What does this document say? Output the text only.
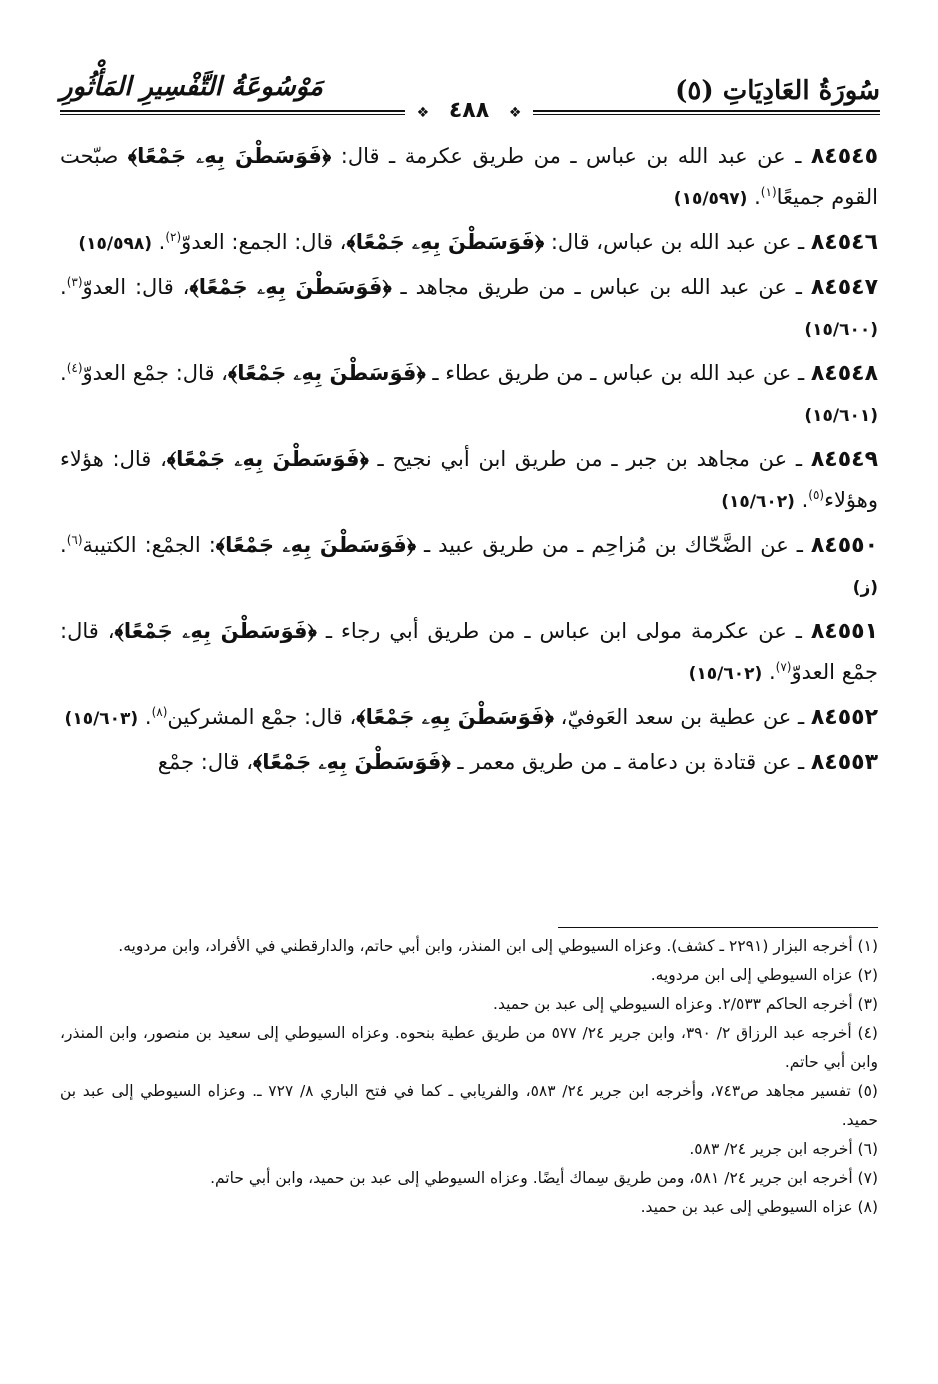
سُورَةُ العَادِيَاتِ (٥)
مَوْسُوعَةُ التَّفْسِيرِ المَأْثُورِ
❖ ٤٨٨ ❖

٨٤٥٤٥ ـ عن عبد الله بن عباس ـ من طريق عكرمة ـ قال: ﴿فَوَسَطْنَ بِهِۦ جَمْعًا﴾ صبّحت القوم جميعًا$^{(١)}$. (١٥/٥٩٧)

٨٤٥٤٦ ـ عن عبد الله بن عباس، قال: ﴿فَوَسَطْنَ بِهِۦ جَمْعًا﴾، قال: الجمع: العدوّ$^{(٢)}$. (١٥/٥٩٨)

٨٤٥٤٧ ـ عن عبد الله بن عباس ـ من طريق مجاهد ـ ﴿فَوَسَطْنَ بِهِۦ جَمْعًا﴾، قال: العدوّ$^{(٣)}$. (١٥/٦٠٠)

٨٤٥٤٨ ـ عن عبد الله بن عباس ـ من طريق عطاء ـ ﴿فَوَسَطْنَ بِهِۦ جَمْعًا﴾، قال: جمْع العدوّ$^{(٤)}$. (١٥/٦٠١)

٨٤٥٤٩ ـ عن مجاهد بن جبر ـ من طريق ابن أبي نجيح ـ ﴿فَوَسَطْنَ بِهِۦ جَمْعًا﴾، قال: هؤلاء وهؤلاء$^{(٥)}$. (١٥/٦٠٢)

٨٤٥٥٠ ـ عن الضَّحّاك بن مُزاحِم ـ من طريق عبيد ـ ﴿فَوَسَطْنَ بِهِۦ جَمْعًا﴾: الجمْع: الكتيبة$^{(٦)}$. (ز)

٨٤٥٥١ ـ عن عكرمة مولى ابن عباس ـ من طريق أبي رجاء ـ ﴿فَوَسَطْنَ بِهِۦ جَمْعًا﴾، قال: جمْع العدوّ$^{(٧)}$. (١٥/٦٠٢)

٨٤٥٥٢ ـ عن عطية بن سعد العَوفيّ، ﴿فَوَسَطْنَ بِهِۦ جَمْعًا﴾، قال: جمْع المشركين$^{(٨)}$. (١٥/٦٠٣)

٨٤٥٥٣ ـ عن قتادة بن دعامة ـ من طريق معمر ـ ﴿فَوَسَطْنَ بِهِۦ جَمْعًا﴾، قال: جمْع

(١) أخرجه البزار (٢٢٩١ ـ كشف). وعزاه السيوطي إلى ابن المنذر، وابن أبي حاتم، والدارقطني في الأفراد، وابن مردويه.
(٢) عزاه السيوطي إلى ابن مردويه.
(٣) أخرجه الحاكم ٢/٥٣٣. وعزاه السيوطي إلى عبد بن حميد.
(٤) أخرجه عبد الرزاق ٢/ ٣٩٠، وابن جرير ٢٤/ ٥٧٧ من طريق عطية بنحوه. وعزاه السيوطي إلى سعيد بن منصور، وابن المنذر، وابن أبي حاتم.
(٥) تفسير مجاهد ص٧٤٣، وأخرجه ابن جرير ٢٤/ ٥٨٣، والفريابي ـ كما في فتح الباري ٨/ ٧٢٧ ـ. وعزاه السيوطي إلى عبد بن حميد.
(٦) أخرجه ابن جرير ٢٤/ ٥٨٣.
(٧) أخرجه ابن جرير ٢٤/ ٥٨١، ومن طريق سِماك أيضًا. وعزاه السيوطي إلى عبد بن حميد، وابن أبي حاتم.
(٨) عزاه السيوطي إلى عبد بن حميد.
